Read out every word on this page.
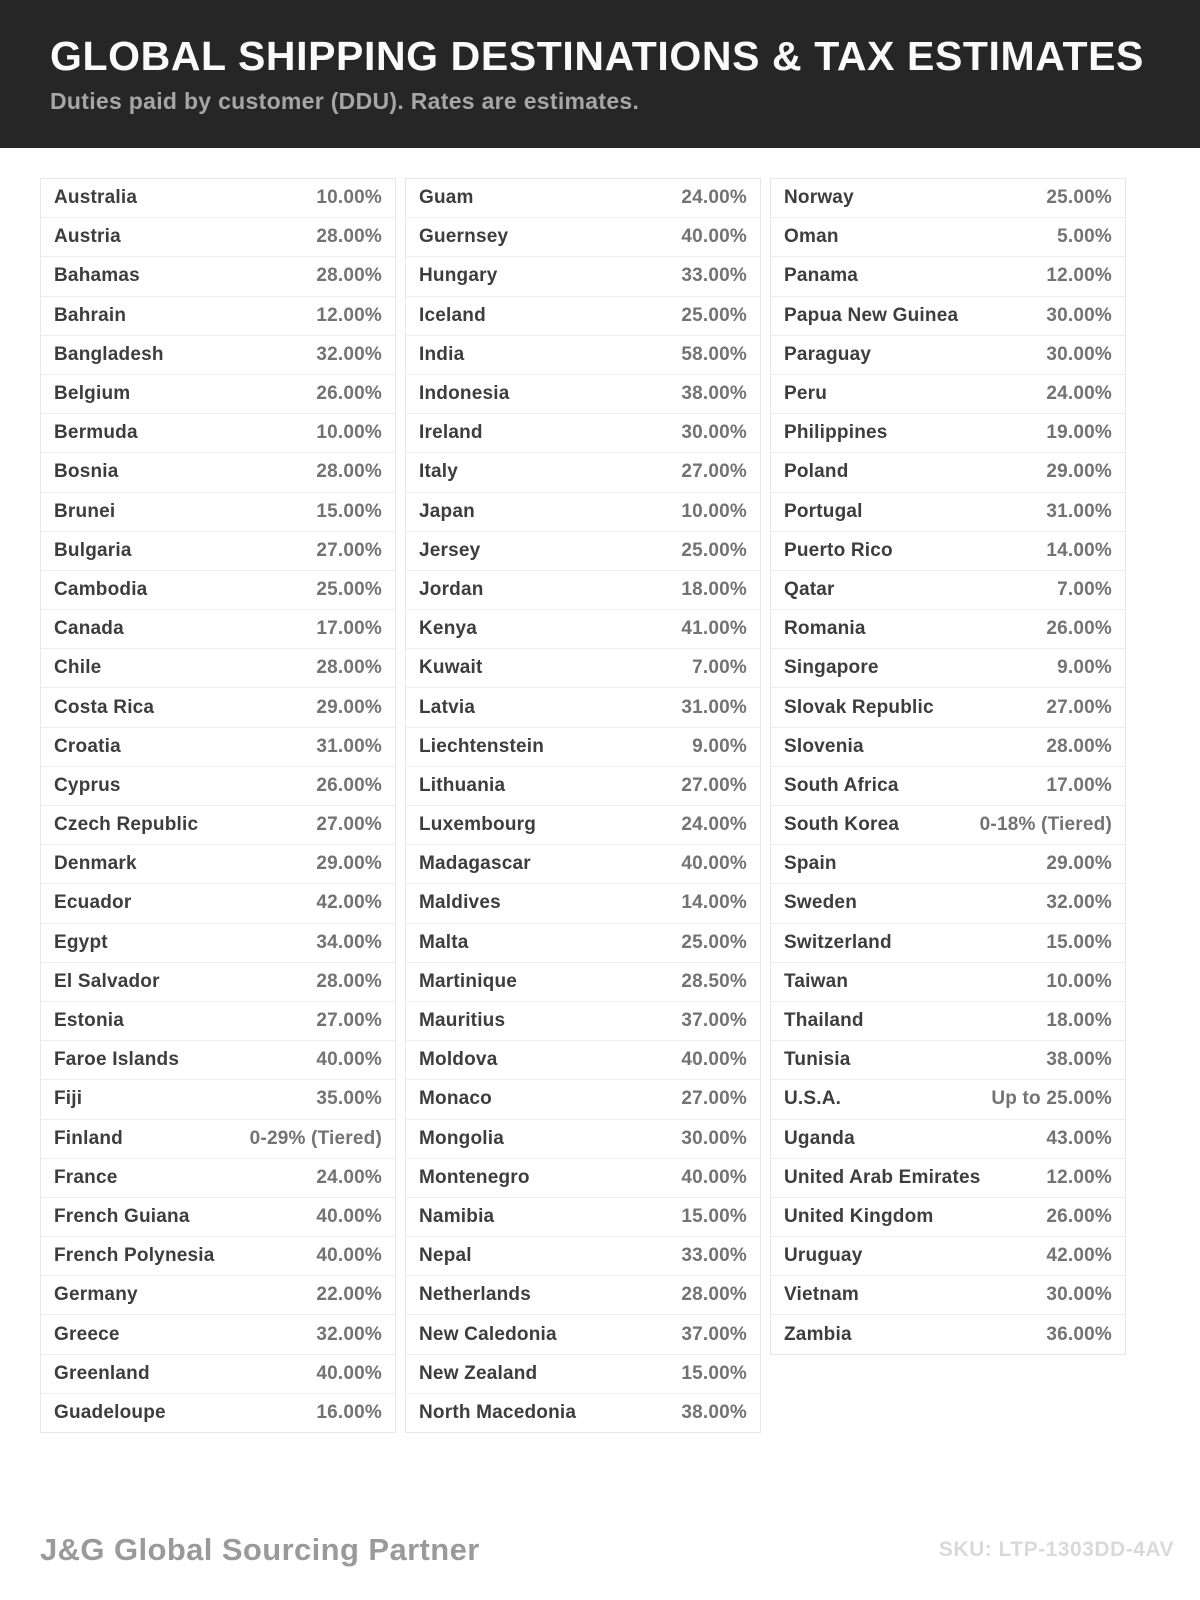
GLOBAL SHIPPING DESTINATIONS & TAX ESTIMATES

Duties paid by customer (DDU). Rates are estimates.

Australia	10.00%
Austria	28.00%
Bahamas	28.00%
Bahrain	12.00%
Bangladesh	32.00%
Belgium	26.00%
Bermuda	10.00%
Bosnia	28.00%
Brunei	15.00%
Bulgaria	27.00%
Cambodia	25.00%
Canada	17.00%
Chile	28.00%
Costa Rica	29.00%
Croatia	31.00%
Cyprus	26.00%
Czech Republic	27.00%
Denmark	29.00%
Ecuador	42.00%
Egypt	34.00%
El Salvador	28.00%
Estonia	27.00%
Faroe Islands	40.00%
Fiji	35.00%
Finland	0-29% (Tiered)
France	24.00%
French Guiana	40.00%
French Polynesia	40.00%
Germany	22.00%
Greece	32.00%
Greenland	40.00%
Guadeloupe	16.00%
Guam	24.00%
Guernsey	40.00%
Hungary	33.00%
Iceland	25.00%
India	58.00%
Indonesia	38.00%
Ireland	30.00%
Italy	27.00%
Japan	10.00%
Jersey	25.00%
Jordan	18.00%
Kenya	41.00%
Kuwait	7.00%
Latvia	31.00%
Liechtenstein	9.00%
Lithuania	27.00%
Luxembourg	24.00%
Madagascar	40.00%
Maldives	14.00%
Malta	25.00%
Martinique	28.50%
Mauritius	37.00%
Moldova	40.00%
Monaco	27.00%
Mongolia	30.00%
Montenegro	40.00%
Namibia	15.00%
Nepal	33.00%
Netherlands	28.00%
New Caledonia	37.00%
New Zealand	15.00%
North Macedonia	38.00%
Norway	25.00%
Oman	5.00%
Panama	12.00%
Papua New Guinea	30.00%
Paraguay	30.00%
Peru	24.00%
Philippines	19.00%
Poland	29.00%
Portugal	31.00%
Puerto Rico	14.00%
Qatar	7.00%
Romania	26.00%
Singapore	9.00%
Slovak Republic	27.00%
Slovenia	28.00%
South Africa	17.00%
South Korea	0-18% (Tiered)
Spain	29.00%
Sweden	32.00%
Switzerland	15.00%
Taiwan	10.00%
Thailand	18.00%
Tunisia	38.00%
U.S.A.	Up to 25.00%
Uganda	43.00%
United Arab Emirates	12.00%
United Kingdom	26.00%
Uruguay	42.00%
Vietnam	30.00%
Zambia	36.00%
J&G Global Sourcing Partner	SKU: LTP-1303DD-4AV
